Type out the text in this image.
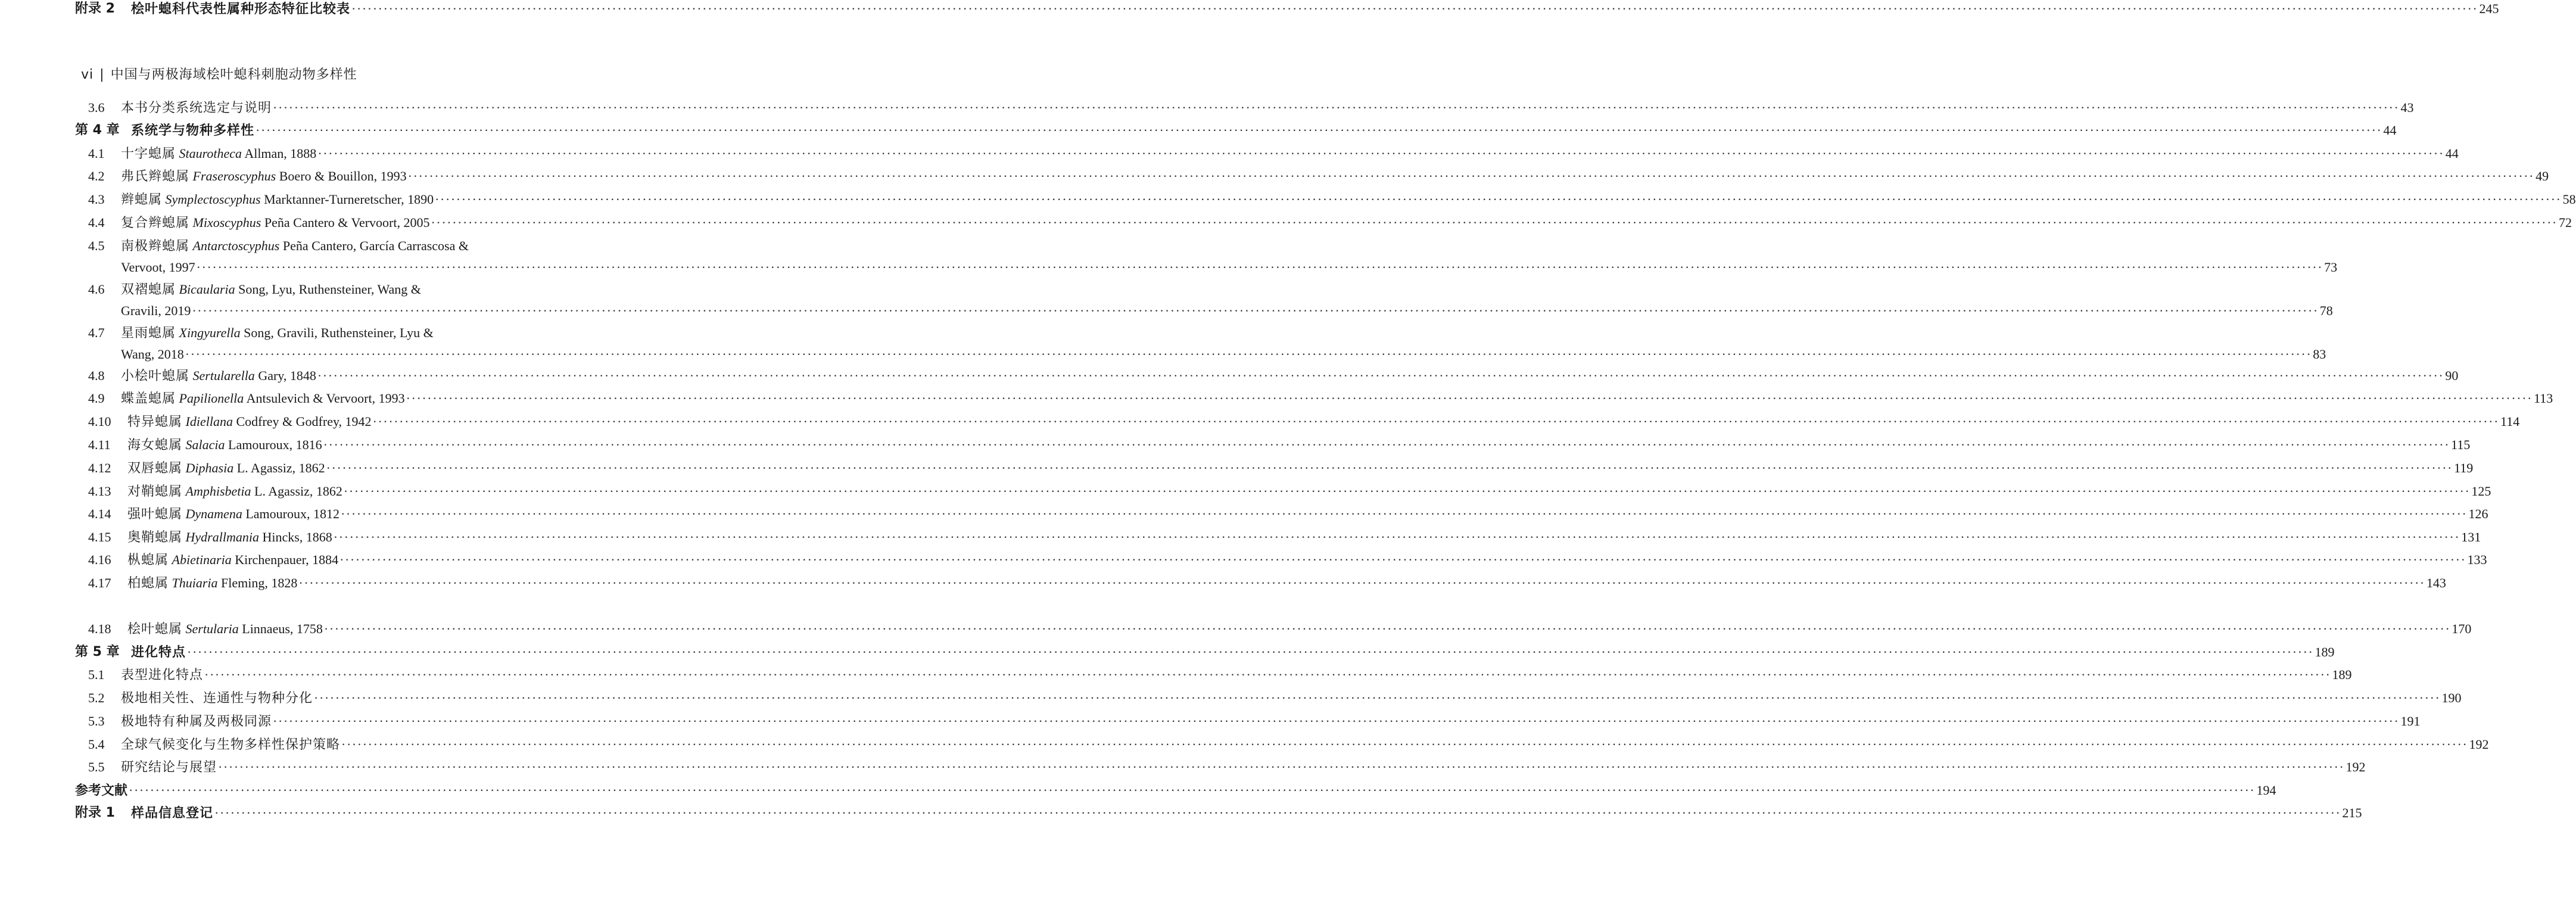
vi | 中国与两极海域桧叶螅科刺胞动物多样性
3.6 本书分类系统选定与说明 ················································································································································································································································································································································································································ 43
第 4 章 系统学与物种多样性 ················································································································································································································································································································································································································ 44
4.1 十字螅属 Staurotheca Allman, 1888 ················································································································································································································································································································································································································ 44
4.2 弗氏辫螅属 Fraseroscyphus Boero & Bouillon, 1993 ················································································································································································································································································································································································································ 49
4.3 辫螅属 Symplectoscyphus Marktanner-Turneretscher, 1890 ················································································································································································································································································································································································································ 58
4.4 复合辫螅属 Mixoscyphus Peña Cantero & Vervoort, 2005 ················································································································································································································································································································································································································ 72
4.5 南极辫螅属 Antarctoscyphus Peña Cantero, García Carrascosa &
Vervoot, 1997 ················································································································································································································································································································································································································ 73
4.6 双褶螅属 Bicaularia Song, Lyu, Ruthensteiner, Wang &
Gravili, 2019 ················································································································································································································································································································································································································ 78
4.7 星雨螅属 Xingyurella Song, Gravili, Ruthensteiner, Lyu &
Wang, 2018 ················································································································································································································································································································································································································ 83
4.8 小桧叶螅属 Sertularella Gary, 1848 ················································································································································································································································································································································································································ 90
4.9 蝶盖螅属 Papilionella Antsulevich & Vervoort, 1993 ················································································································································································································································································································································································································ 113
4.10 特异螅属 Idiellana Codfrey & Godfrey, 1942 ················································································································································································································································································································································································································ 114
4.11 海女螅属 Salacia Lamouroux, 1816 ················································································································································································································································································································································································································ 115
4.12 双唇螅属 Diphasia L. Agassiz, 1862 ················································································································································································································································································································································································································ 119
4.13 对鞘螅属 Amphisbetia L. Agassiz, 1862 ················································································································································································································································································································································································································ 125
4.14 强叶螅属 Dynamena Lamouroux, 1812 ················································································································································································································································································································································································································ 126
4.15 奥鞘螅属 Hydrallmania Hincks, 1868 ················································································································································································································································································································································································································ 131
4.16 枞螅属 Abietinaria Kirchenpauer, 1884 ················································································································································································································································································································································································································ 133
4.17 柏螅属 Thuiaria Fleming, 1828 ················································································································································································································································································································································································································ 143
4.18 桧叶螅属 Sertularia Linnaeus, 1758 ················································································································································································································································································································································································································ 170
第 5 章 进化特点 ················································································································································································································································································································································································································ 189
5.1 表型进化特点 ················································································································································································································································································································································································································ 189
5.2 极地相关性、连通性与物种分化 ················································································································································································································································································································································································································ 190
5.3 极地特有种属及两极同源 ················································································································································································································································································································································································································ 191
5.4 全球气候变化与生物多样性保护策略 ················································································································································································································································································································································································································ 192
5.5 研究结论与展望 ················································································································································································································································································································································································································ 192
参考文献 ················································································································································································································································································································································································································ 194
附录 1 样品信息登记 ················································································································································································································································································································································································································ 215
附录 2 桧叶螅科代表性属种形态特征比较表 ················································································································································································································································································································································································································ 245
